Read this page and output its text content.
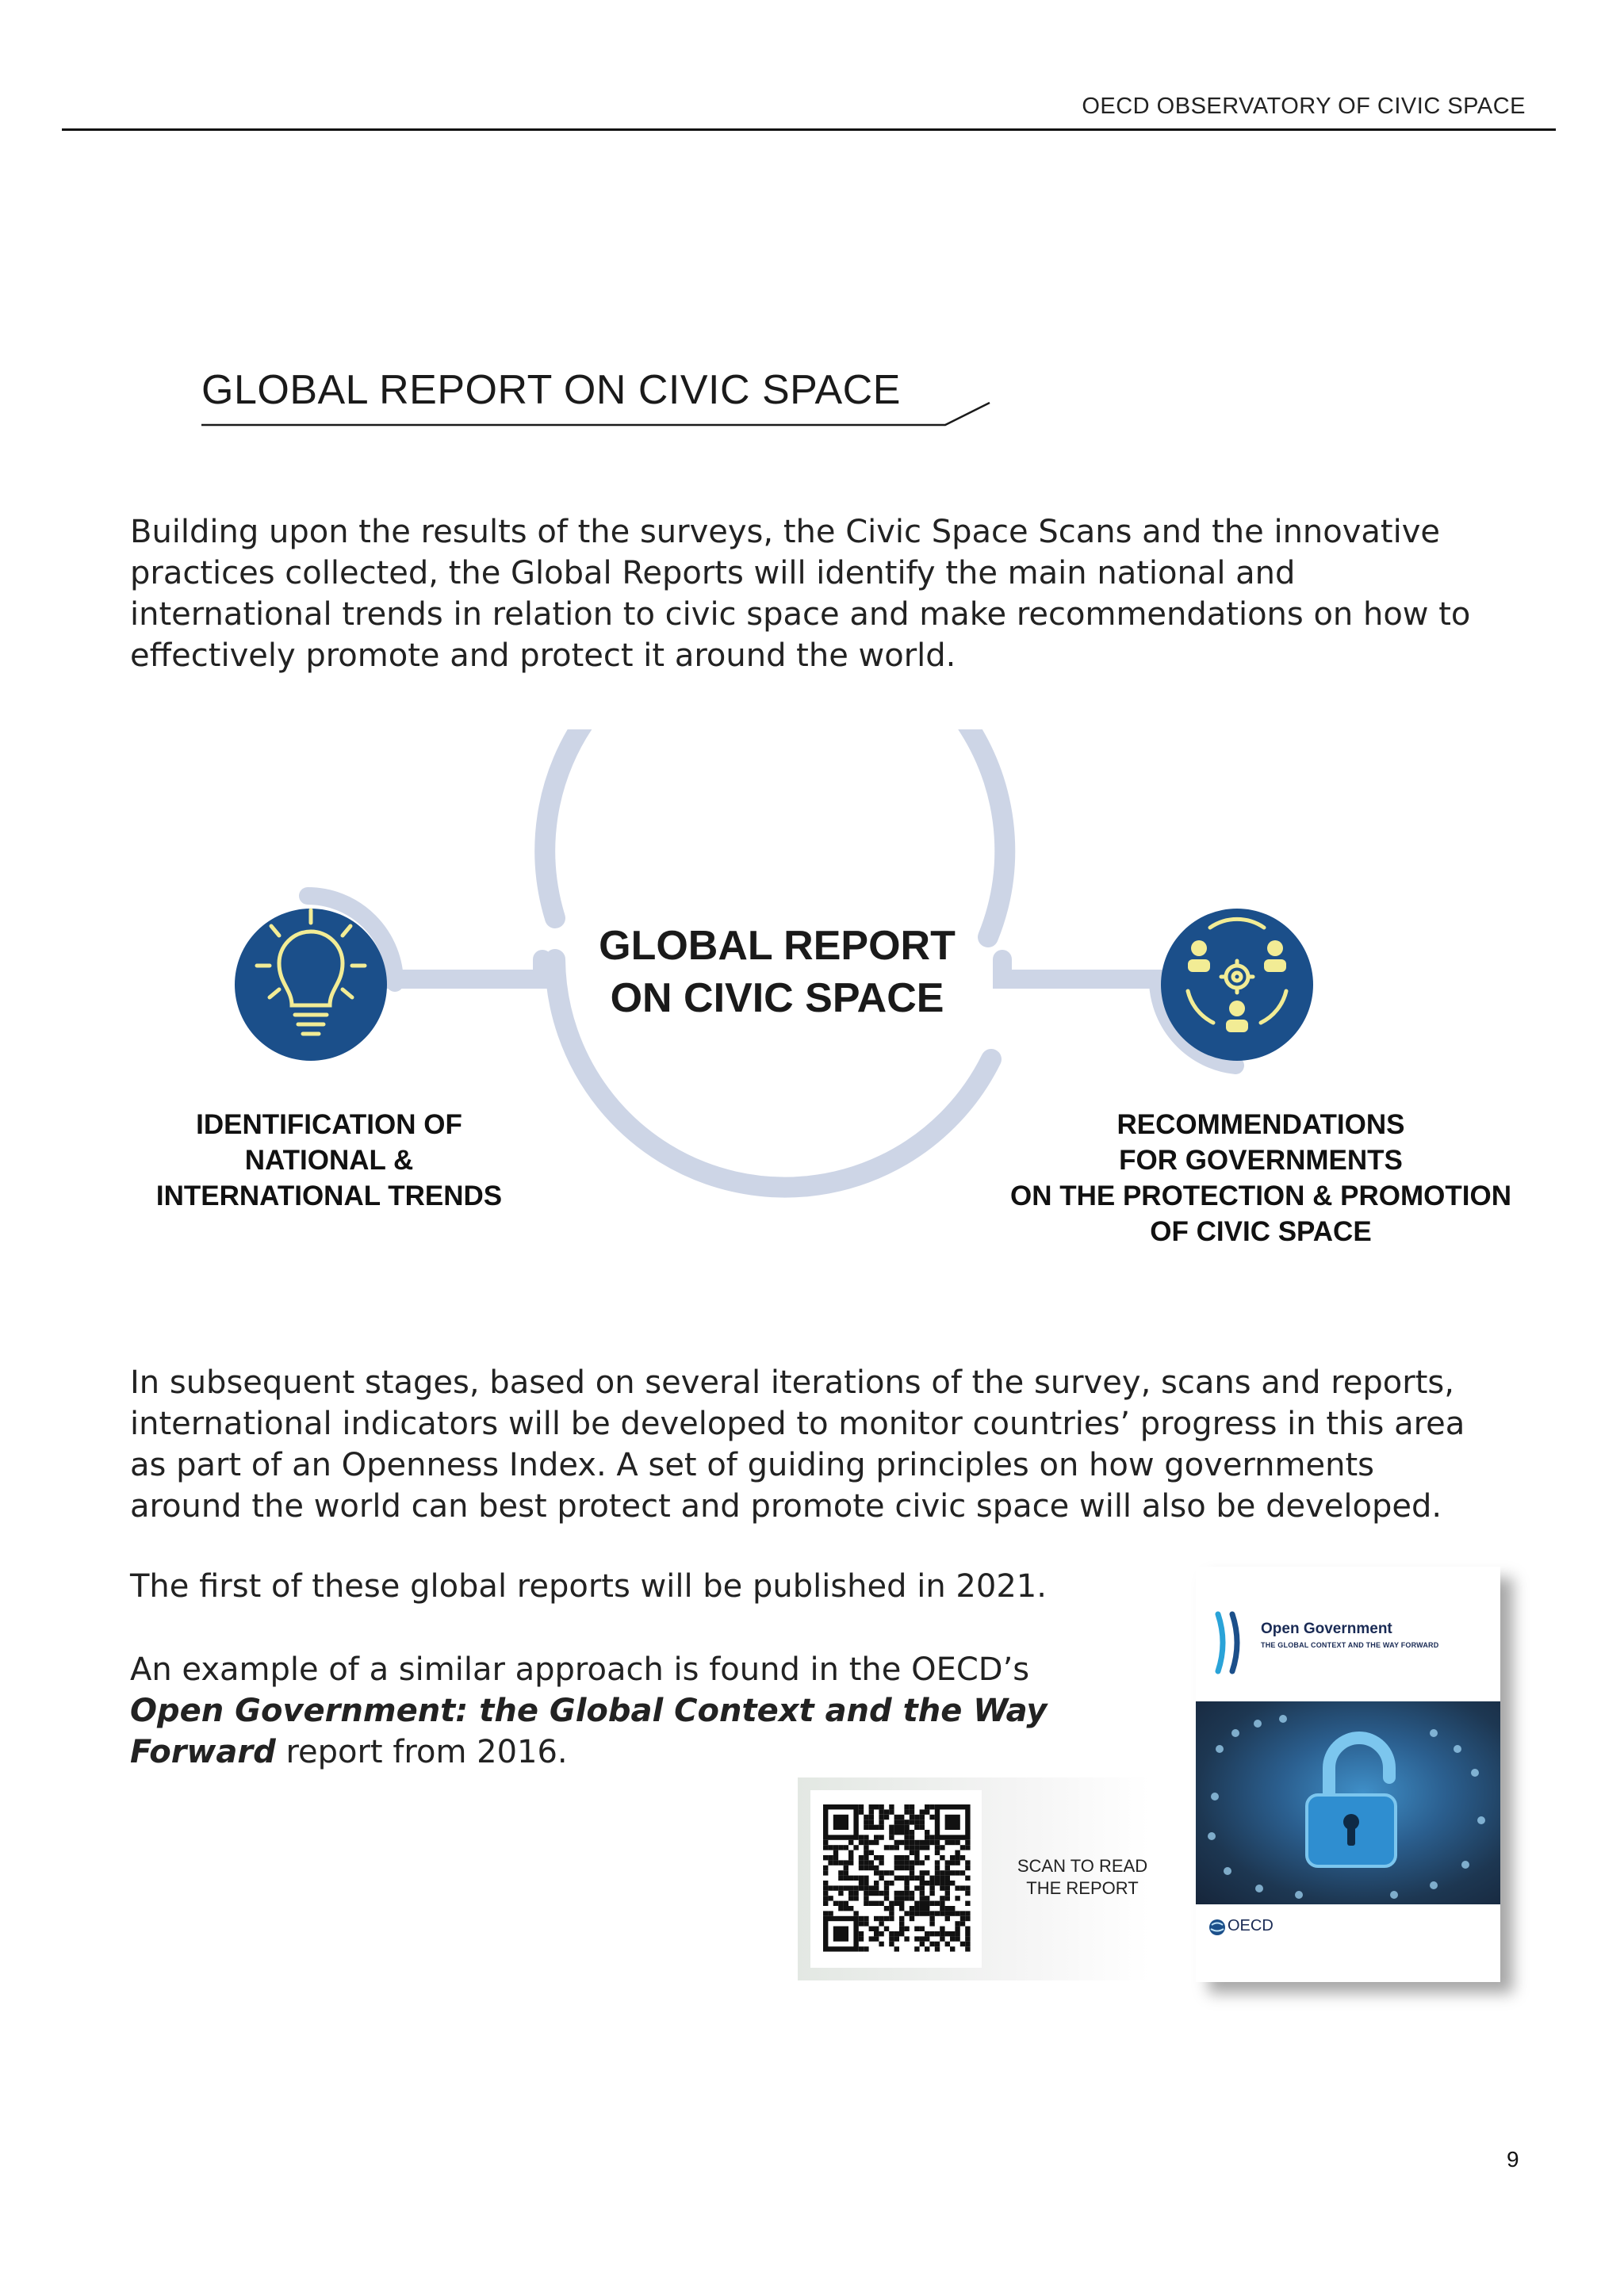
OECD OBSERVATORY OF CIVIC SPACE
GLOBAL REPORT ON CIVIC SPACE
Building upon the results of the surveys, the Civic Space Scans and the innovative practices collected, the Global Reports will identify the main national and international trends in relation to civic space and make recommendations on how to effectively promote and protect it around the world.
GLOBAL REPORT
ON CIVIC SPACE
IDENTIFICATION OF
NATIONAL &
INTERNATIONAL TRENDS
RECOMMENDATIONS
FOR GOVERNMENTS
ON THE PROTECTION & PROMOTION
OF CIVIC SPACE
In subsequent stages, based on several iterations of the survey, scans and reports, international indicators will be developed to monitor countries’ progress in this area as part of an Openness Index. A set of guiding principles on how governments around the world can best protect and promote civic space will also be developed.
The first of these global reports will be published in 2021.
An example of a similar approach is found in the OECD’s Open Government: the Global Context and the Way Forward report from 2016.
SCAN TO READ
THE REPORT
Open Government
THE GLOBAL CONTEXT AND THE WAY FORWARD
OECD
9
